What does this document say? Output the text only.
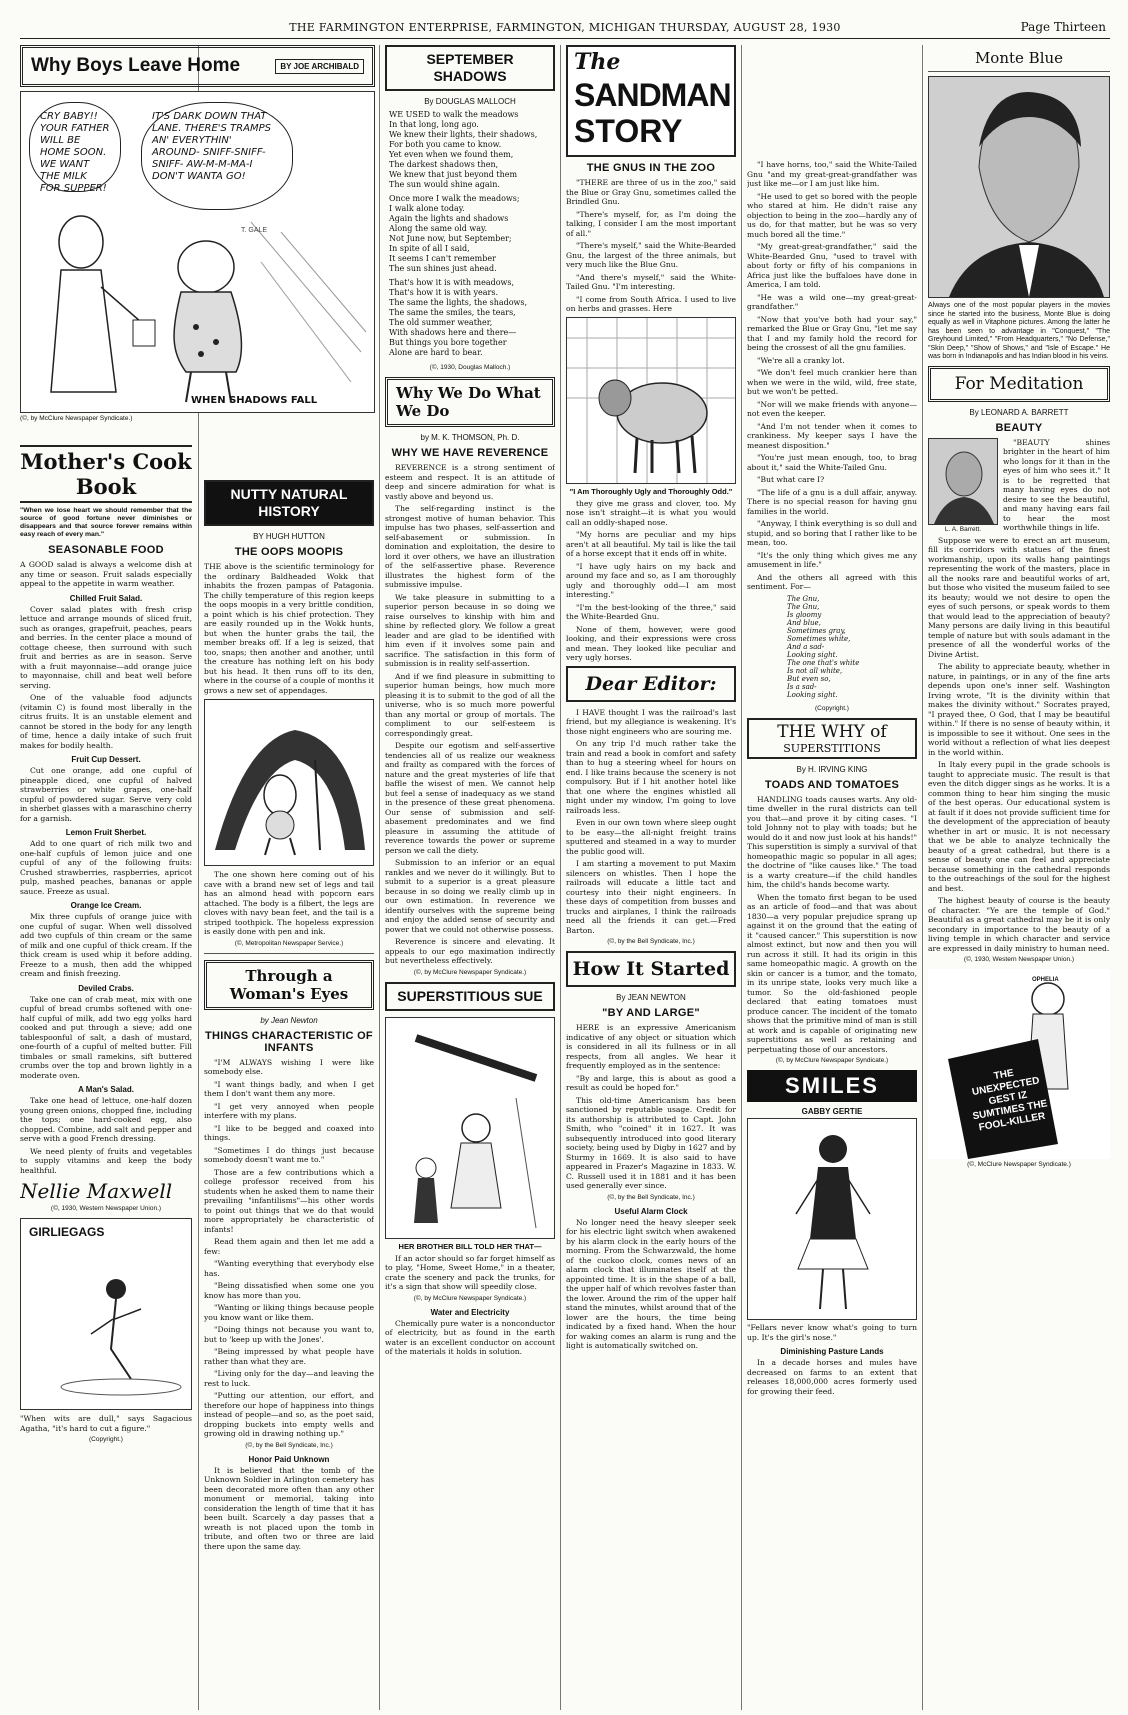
THE FARMINGTON ENTERPRISE, FARMINGTON, MICHIGAN THURSDAY, AUGUST 28, 1930	Page Thirteen
Why Boys Leave Home	BY JOE ARCHIBALD
CRY BABY!! YOUR FATHER WILL BE HOME SOON. WE WANT THE MILK FOR SUPPER!
IT'S DARK DOWN THAT LANE. THERE'S TRAMPS AN' EVERYTHIN' AROUND- SNIFF-SNIFF-SNIFF- AW-M-M-MA-I DON'T WANTA GO!
T. GALE
WHEN SHADOWS FALL
(©, by McClure Newspaper Syndicate.)
Mother's Cook Book

"When we lose heart we should remember that the source of good fortune never diminishes or disappears and that source forever remains within easy reach of every man."

SEASONABLE FOOD

A GOOD salad is always a welcome dish at any time or season. Fruit salads especially appeal to the appetite in warm weather.

Chilled Fruit Salad.

Cover salad plates with fresh crisp lettuce and arrange mounds of sliced fruit, such as oranges, grapefruit, peaches, pears and berries. In the center place a mound of cottage cheese, then surround with such fruit and berries as are in season. Serve with a fruit mayonnaise—add orange juice to mayonnaise, chill and beat well before serving.

One of the valuable food adjuncts (vitamin C) is found most liberally in the citrus fruits. It is an unstable element and cannot be stored in the body for any length of time, hence a daily intake of such fruit makes for bodily health.

Fruit Cup Dessert.

Cut one orange, add one cupful of pineapple diced, one cupful of halved strawberries or white grapes, one-half cupful of powdered sugar. Serve very cold in sherbet glasses with a maraschino cherry for a garnish.

Lemon Fruit Sherbet.

Add to one quart of rich milk two and one-half cupfuls of lemon juice and one cupful of any of the following fruits: Crushed strawberries, raspberries, apricot pulp, mashed peaches, bananas or apple sauce. Freeze as usual.

Orange Ice Cream.

Mix three cupfuls of orange juice with one cupful of sugar. When well dissolved add two cupfuls of thin cream or the same of milk and one cupful of thick cream. If the thick cream is used whip it before adding. Freeze to a mush, then add the whipped cream and finish freezing.

Deviled Crabs.

Take one can of crab meat, mix with one cupful of bread crumbs softened with one-half cupful of milk, add two egg yolks hard cooked and put through a sieve; add one tablespoonful of salt, a dash of mustard, one-fourth of a cupful of melted butter. Fill timbales or small ramekins, sift buttered crumbs over the top and brown lightly in a moderate oven.

A Man's Salad.

Take one head of lettuce, one-half dozen young green onions, chopped fine, including the tops; one hard-cooked egg, also chopped. Combine, add salt and pepper and serve with a good French dressing.

We need plenty of fruits and vegetables to supply vitamins and keep the body healthful.

Nellie Maxwell
(©, 1930, Western Newspaper Union.)
GIRLIEGAGS

"When wits are dull," says Sagacious Agatha, "it's hard to cut a figure."

(Copyright.)
NUTTY NATURAL HISTORY
BY HUGH HUTTON
THE OOPS MOOPIS

THE above is the scientific terminology for the ordinary Baldheaded Wokk that inhabits the frozen pampas of Patagonia. The chilly temperature of this region keeps the oops moopis in a very brittle condition, a point which is his chief protection. They are easily rounded up in the Wokk hunts, but when the hunter grabs the tail, the member breaks off. If a leg is seized, that too, snaps; then another and another, until the creature has nothing left on his body but his head. It then runs off to its den, where in the course of a couple of months it grows a new set of appendages.

The one shown here coming out of his cave with a brand new set of legs and tail has an almond head with popcorn ears attached. The body is a filbert, the legs are cloves with navy bean feet, and the tail is a striped toothpick. The hopeless expression is easily done with pen and ink.

(©, Metropolitan Newspaper Service.)
Through a Woman's Eyes
by Jean Newton
THINGS CHARACTERISTIC OF INFANTS

"I'M ALWAYS wishing I were like somebody else.

"I want things badly, and when I get them I don't want them any more.

"I get very annoyed when people interfere with my plans.

"I like to be begged and coaxed into things.

"Sometimes I do things just because somebody doesn't want me to."

Those are a few contributions which a college professor received from his students when he asked them to name their prevailing "infantilisms"—his other words to point out things that we do that would more appropriately be characteristic of infants!

Read them again and then let me add a few:

"Wanting everything that everybody else has.

"Being dissatisfied when some one you know has more than you.

"Wanting or liking things because people you know want or like them.

"Doing things not because you want to, but to 'keep up with the Jones'.

"Being impressed by what people have rather than what they are.

"Living only for the day—and leaving the rest to luck.

"Putting our attention, our effort, and therefore our hope of happiness into things instead of people—and so, as the poet said, dropping buckets into empty wells and growing old in drawing nothing up."

(©, by the Bell Syndicate, Inc.)
Honor Paid Unknown

It is believed that the tomb of the Unknown Soldier in Arlington cemetery has been decorated more often than any other monument or memorial, taking into consideration the length of time that it has been built. Scarcely a day passes that a wreath is not placed upon the tomb in tribute, and often two or three are laid there upon the same day.

SEPTEMBER SHADOWS
By DOUGLAS MALLOCH
WE USED to walk the meadows
In that long, long ago.
We knew their lights, their shadows,
For both you came to know.
Yet even when we found them,
The darkest shadows then,
We knew that just beyond them
The sun would shine again.

Once more I walk the meadows;
I walk alone today.
Again the lights and shadows
Along the same old way.
Not June now, but September;
In spite of all I said,
It seems I can't remember
The sun shines just ahead.

That's how it is with meadows,
That's how it is with years.
The same the lights, the shadows,
The same the smiles, the tears,
The old summer weather,
With shadows here and there—
But things you bore together
Alone are hard to bear.
(©, 1930, Douglas Malloch.)
Why We Do What We Do
by M. K. THOMSON, Ph. D.
WHY WE HAVE REVERENCE

REVERENCE is a strong sentiment of esteem and respect. It is an attitude of deep and sincere admiration for what is vastly above and beyond us.

The self-regarding instinct is the strongest motive of human behavior. This impulse has two phases, self-assertion and self-abasement or submission. In domination and exploitation, the desire to lord it over others, we have an illustration of the self-assertive phase. Reverence illustrates the highest form of the submissive impulse.

We take pleasure in submitting to a superior person because in so doing we raise ourselves to kinship with him and shine by reflected glory. We follow a great leader and are glad to be identified with him even if it involves some pain and sacrifice. The satisfaction in this form of submission is in reality self-assertion.

And if we find pleasure in submitting to superior human beings, how much more pleasing it is to submit to the god of all the universe, who is so much more powerful than any mortal or group of mortals. The compliment to our self-esteem is correspondingly great.

Despite our egotism and self-assertive tendencies all of us realize our weakness and frailty as compared with the forces of nature and the great mysteries of life that baffle the wisest of men. We cannot help but feel a sense of inadequacy as we stand in the presence of these great phenomena. Our sense of submission and self-abasement predominates and we find pleasure in assuming the attitude of reverence towards the power or supreme person we call the diety.

Submission to an inferior or an equal rankles and we never do it willingly. But to submit to a superior is a great pleasure because in so doing we really climb up in our own estimation. In reverence we identify ourselves with the supreme being and enjoy the added sense of security and power that we could not otherwise possess.

Reverence is sincere and elevating. It appeals to our ego maximation indirectly but nevertheless effectively.

(©, by McClure Newspaper Syndicate.)
SUPERSTITIOUS SUE
HER BROTHER BILL TOLD HER THAT—

If an actor should so far forget himself as to play, "Home, Sweet Home," in a theater, crate the scenery and pack the trunks, for it's a sign that show will speedily close.

(©, by McClure Newspaper Syndicate.)
Water and Electricity

Chemically pure water is a nonconductor of electricity, but as found in the earth water is an excellent conductor on account of the materials it holds in solution.

The
SANDMAN
STORY
THE GNUS IN THE ZOO

"THERE are three of us in the zoo," said the Blue or Gray Gnu, sometimes called the Brindled Gnu.

"There's myself, for, as I'm doing the talking, I consider I am the most important of all."

"There's myself," said the White-Bearded Gnu, the largest of the three animals, but very much like the Blue Gnu.

"And there's myself," said the White-Tailed Gnu. "I'm interesting.

"I come from South Africa. I used to live on herbs and grasses. Here

"I Am Thoroughly Ugly and Thoroughly Odd."

they give me grass and clover, too. My nose isn't straight—it is what you would call an oddly-shaped nose.

"My horns are peculiar and my hips aren't at all beautiful. My tail is like the tail of a horse except that it ends off in white.

"I have ugly hairs on my back and around my face and so, as I am thoroughly ugly and thoroughly odd—I am most interesting."

"I'm the best-looking of the three," said the White-Bearded Gnu.

None of them, however, were good looking, and their expressions were cross and mean. They looked like peculiar and very ugly horses.

Dear Editor:

I HAVE thought I was the railroad's last friend, but my allegiance is weakening. It's those night engineers who are souring me.

On any trip I'd much rather take the train and read a book in comfort and safety than to hug a steering wheel for hours on end. I like trains because the scenery is not compulsory. But if I hit another hotel like that one where the engines whistled all night under my window, I'm going to love railroads less.

Even in our own town where sleep ought to be easy—the all-night freight trains sputtered and steamed in a way to murder the public good will.

I am starting a movement to put Maxim silencers on whistles. Then I hope the railroads will educate a little tact and courtesy into their night engineers. In these days of competition from busses and trucks and airplanes, I think the railroads need all the friends it can get.—Fred Barton.

(©, by the Bell Syndicate, Inc.)
How It Started
By JEAN NEWTON
"BY AND LARGE"

HERE is an expressive Americanism indicative of any object or situation which is considered in all its fullness or in all respects, from all angles. We hear it frequently employed as in the sentence:

"By and large, this is about as good a result as could be hoped for."

This old-time Americanism has been sanctioned by reputable usage. Credit for its authorship is attributed to Capt. John Smith, who "coined" it in 1627. It was subsequently introduced into good literary society, being used by Digby in 1627 and by Sturmy in 1669. It is also said to have appeared in Frazer's Magazine in 1833. W. C. Russell used it in 1881 and it has been used generally ever since.

(©, by the Bell Syndicate, Inc.)
Useful Alarm Clock

No longer need the heavy sleeper seek for his electric light switch when awakened by his alarm clock in the early hours of the morning. From the Schwarzwald, the home of the cuckoo clock, comes news of an alarm clock that illuminates itself at the appointed time. It is in the shape of a ball, the upper half of which revolves faster than the lower. Around the rim of the upper half stand the minutes, whilst around that of the lower are the hours, the time being indicated by a fixed hand. When the hour for waking comes an alarm is rung and the light is automatically switched on.

"I have horns, too," said the White-Tailed Gnu "and my great-great-grandfather was just like me—or I am just like him.

"He used to get so bored with the people who stared at him. He didn't raise any objection to being in the zoo—hardly any of us do, for that matter, but he was so very much bored all the time."

"My great-great-grandfather," said the White-Bearded Gnu, "used to travel with about forty or fifty of his companions in Africa just like the buffaloes have done in America, I am told.

"He was a wild one—my great-great-grandfather."

"Now that you've both had your say," remarked the Blue or Gray Gnu, "let me say that I and my family hold the record for being the crossest of all the gnu families.

"We're all a cranky lot.

"We don't feel much crankier here than when we were in the wild, wild, free state, but we won't be petted.

"Nor will we make friends with anyone—not even the keeper.

"And I'm not tender when it comes to crankiness. My keeper says I have the meanest disposition."

"You're just mean enough, too, to brag about it," said the White-Tailed Gnu.

"But what care I?

"The life of a gnu is a dull affair, anyway. There is no special reason for having gnu families in the world.

"Anyway, I think everything is so dull and stupid, and so boring that I rather like to be mean, too.

"It's the only thing which gives me any amusement in life."

And the others all agreed with this sentiment. For—

The Gnu,
The Gnu,
Is gloomy
And blue,
Sometimes gray,
Sometimes white,
And a sad-
Looking sight.
The one that's white
Is not all white,
But even so,
Is a sad-
Looking sight.
(Copyright.)
THE WHY of
SUPERSTITIONS
By H. IRVING KING
TOADS AND TOMATOES

HANDLING toads causes warts. Any old-time dweller in the rural districts can tell you that—and prove it by citing cases. "I told Johnny not to play with toads; but he would do it and now just look at his hands!" This superstition is simply a survival of that homeopathic magic so popular in all ages; the doctrine of "like causes like." The toad is a warty creature—if the child handles him, the child's hands become warty.

When the tomato first began to be used as an article of food—and that was about 1830—a very popular prejudice sprang up against it on the ground that the eating of it "caused cancer." This superstition is now almost extinct, but now and then you will run across it still. It had its origin in this same homeopathic magic. A growth on the skin or cancer is a tumor, and the tomato, in its unripe state, looks very much like a tumor. So the old-fashioned people declared that eating tomatoes must produce cancer. The incident of the tomato shows that the primitive mind of man is still at work and is capable of originating new superstitions as well as retaining and perpetuating those of our ancestors.

(©, by McClure Newspaper Syndicate.)
SMILES
GABBY GERTIE

"Fellars never know what's going to turn up. It's the girl's nose."

Diminishing Pasture Lands

In a decade horses and mules have decreased on farms to an extent that releases 18,000,000 acres formerly used for growing their feed.

Monte Blue

Always one of the most popular players in the movies since he started into the business, Monte Blue is doing equally as well in Vitaphone pictures. Among the latter he has been seen to advantage in "Conquest," "The Greyhound Limited," "From Headquarters," "No Defense," "Skin Deep," "Show of Shows," and "Isle of Escape." He was born in Indianapolis and has Indian blood in his veins.

For Meditation
By LEONARD A. BARRETT
BEAUTY
L. A. Barrett.

"BEAUTY shines brighter in the heart of him who longs for it than in the eyes of him who sees it." It is to be regretted that many having eyes do not desire to see the beautiful, and many having ears fail to hear the most worthwhile things in life.

Suppose we were to erect an art museum, fill its corridors with statues of the finest workmanship, upon its walls hang paintings representing the work of the masters, place in all the nooks rare and beautiful works of art, but those who visited the museum failed to see its beauty; would we not desire to open the eyes of such persons, or speak words to them that would lead to the appreciation of beauty? Many persons are daily living in this beautiful temple of nature but with souls adamant in the presence of all the wonderful works of the Divine Artist.

The ability to appreciate beauty, whether in nature, in paintings, or in any of the fine arts depends upon one's inner self. Washington Irving wrote, "It is the divinity within that makes the divinity without." Socrates prayed, "I prayed thee, O God, that I may be beautiful within." If there is no sense of beauty within, it is impossible to see it without. One sees in the world without a reflection of what lies deepest in the world within.

In Italy every pupil in the grade schools is taught to appreciate music. The result is that even the ditch digger sings as he works. It is a common thing to hear him singing the music of the best operas. Our educational system is at fault if it does not provide sufficient time for the development of the appreciation of beauty whether in art or music. It is not necessary that we be able to analyze technically the beauty of a great cathedral, but there is a sense of beauty one can feel and appreciate because something in the cathedral responds to the outreachings of the soul for the highest and best.

The highest beauty of course is the beauty of character. "Ye are the temple of God." Beautiful as a great cathedral may be it is only secondary in importance to the beauty of a living temple in which character and service are expressed in daily ministry to human need.

(©, 1930, Western Newspaper Union.)
OPHELIA
THE UNEXPECTED GEST IZ SUMTIMES THE FOOL-KILLER
(©, McClure Newspaper Syndicate.)
